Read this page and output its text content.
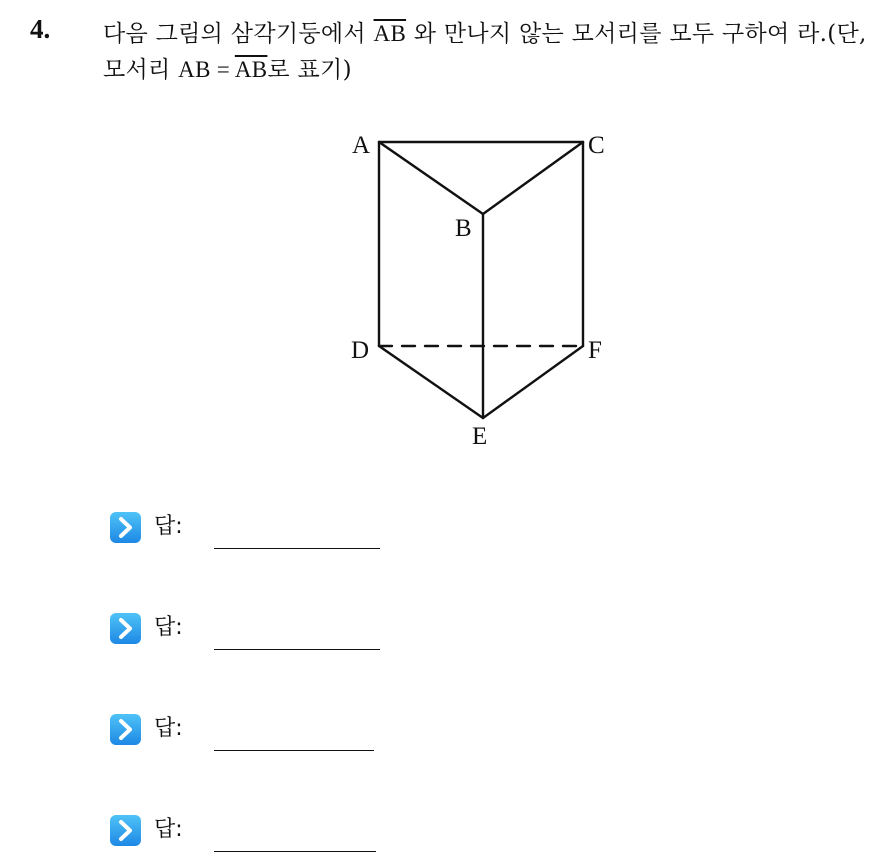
4. 다음 그림의 삼각기둥에서 $\overline{AB}$ 와 만나지 않는 모서리를 모두 구하여 라.(단, 모서리 AB = $\overline{AB}$로 표기)
A	C
B
D	F
E
답:
답:
답:
답:
